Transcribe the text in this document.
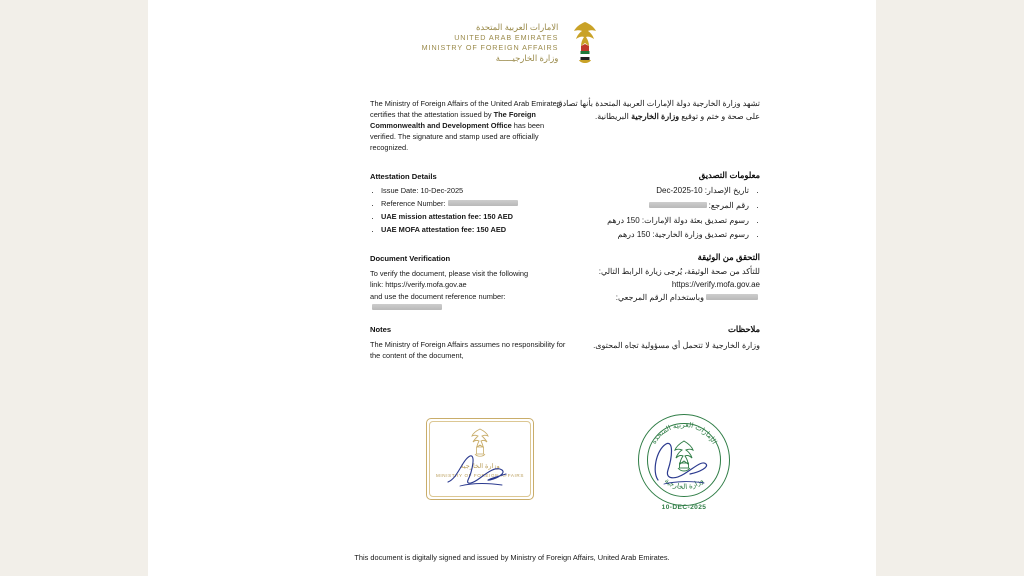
الامارات العربية المتحدة
UNITED ARAB EMIRATES
MINISTRY OF FOREIGN AFFAIRS
وزارة الخارجيـــــة
The Ministry of Foreign Affairs of the United Arab Emirates certifies that the attestation issued by The Foreign Commonwealth and Development Office has been verified. The signature and stamp used are officially recognized.
تشهد وزارة الخارجية دولة الإمارات العربية المتحدة بأنها تصادق على صحة و ختم و توقيع وزارة الخارجية البريطانية.
Attestation Details
• Issue Date: 10-Dec-2025
• Reference Number:
• UAE mission attestation fee: 150 AED
• UAE MOFA attestation fee: 150 AED
معلومات التصديق
• تاريخ الإصدار: 10-Dec-2025
• رقم المرجع:
• رسوم تصديق بعثة دولة الإمارات: 150 درهم
• رسوم تصديق وزارة الخارجية: 150 درهم
Document Verification
To verify the document, please visit the following
link: https://verify.mofa.gov.ae
and use the document reference number:
التحقق من الوثيقة
للتأكد من صحة الوثيقة، يُرجى زيارة الرابط التالي:
https://verify.mofa.gov.ae
وباستخدام الرقم المرجعي:
Notes
The Ministry of Foreign Affairs assumes no responsibility for the content of the document,
ملاحظات
وزارة الخارجية لا تتحمل أي مسؤولية تجاه المحتوى.
وزارة الخارجية
MINISTRY OF FOREIGN AFFAIRS
الإمارات العربية المتحدة
وزارة الخارجية
10-DEC-2025
This document is digitally signed and issued by Ministry of Foreign Affairs, United Arab Emirates.
